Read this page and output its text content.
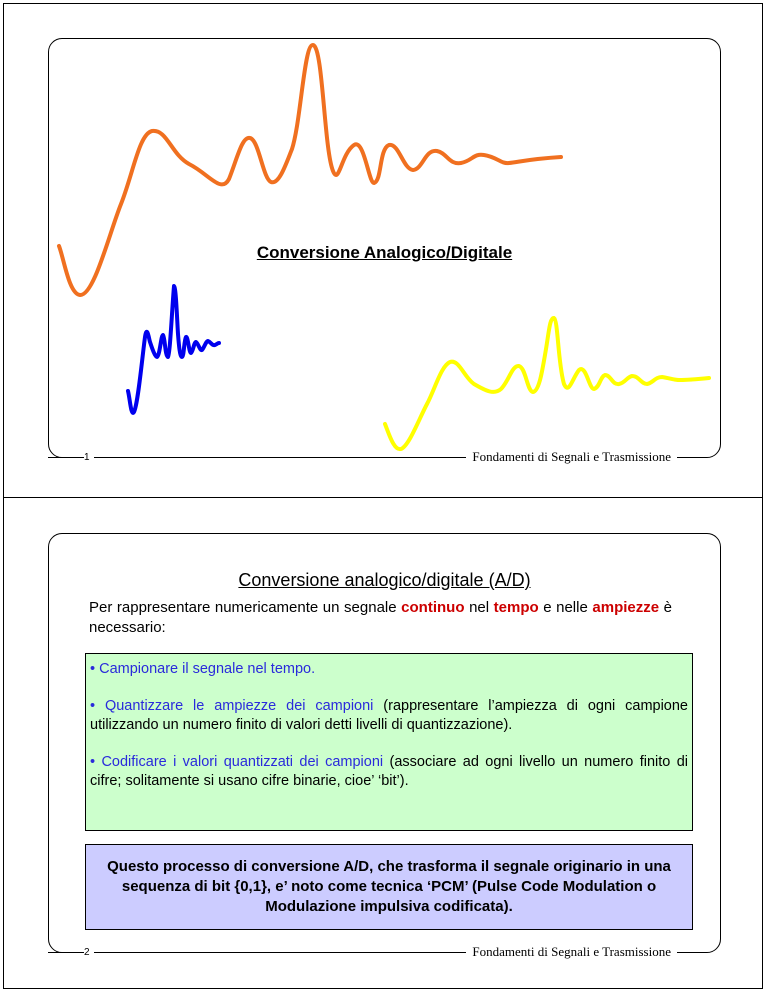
Conversione Analogico/Digitale
1	Fondamenti di Segnali e Trasmissione
Conversione analogico/digitale (A/D)
Per rappresentare numericamente un segnale continuo nel tempo e nelle ampiezze è necessario:

• Campionare il segnale nel tempo.

• Quantizzare le ampiezze dei campioni (rappresentare l’ampiezza di ogni campione utilizzando un numero finito di valori detti livelli di quantizzazione).

• Codificare i valori quantizzati dei campioni (associare ad ogni livello un numero finito di cifre; solitamente si usano cifre binarie, cioe’ ‘bit’).

Questo processo di conversione A/D, che trasforma il segnale originario in una sequenza di bit {0,1}, e’ noto come tecnica ‘PCM’ (Pulse Code Modulation o Modulazione impulsiva codificata).
2	Fondamenti di Segnali e Trasmissione
